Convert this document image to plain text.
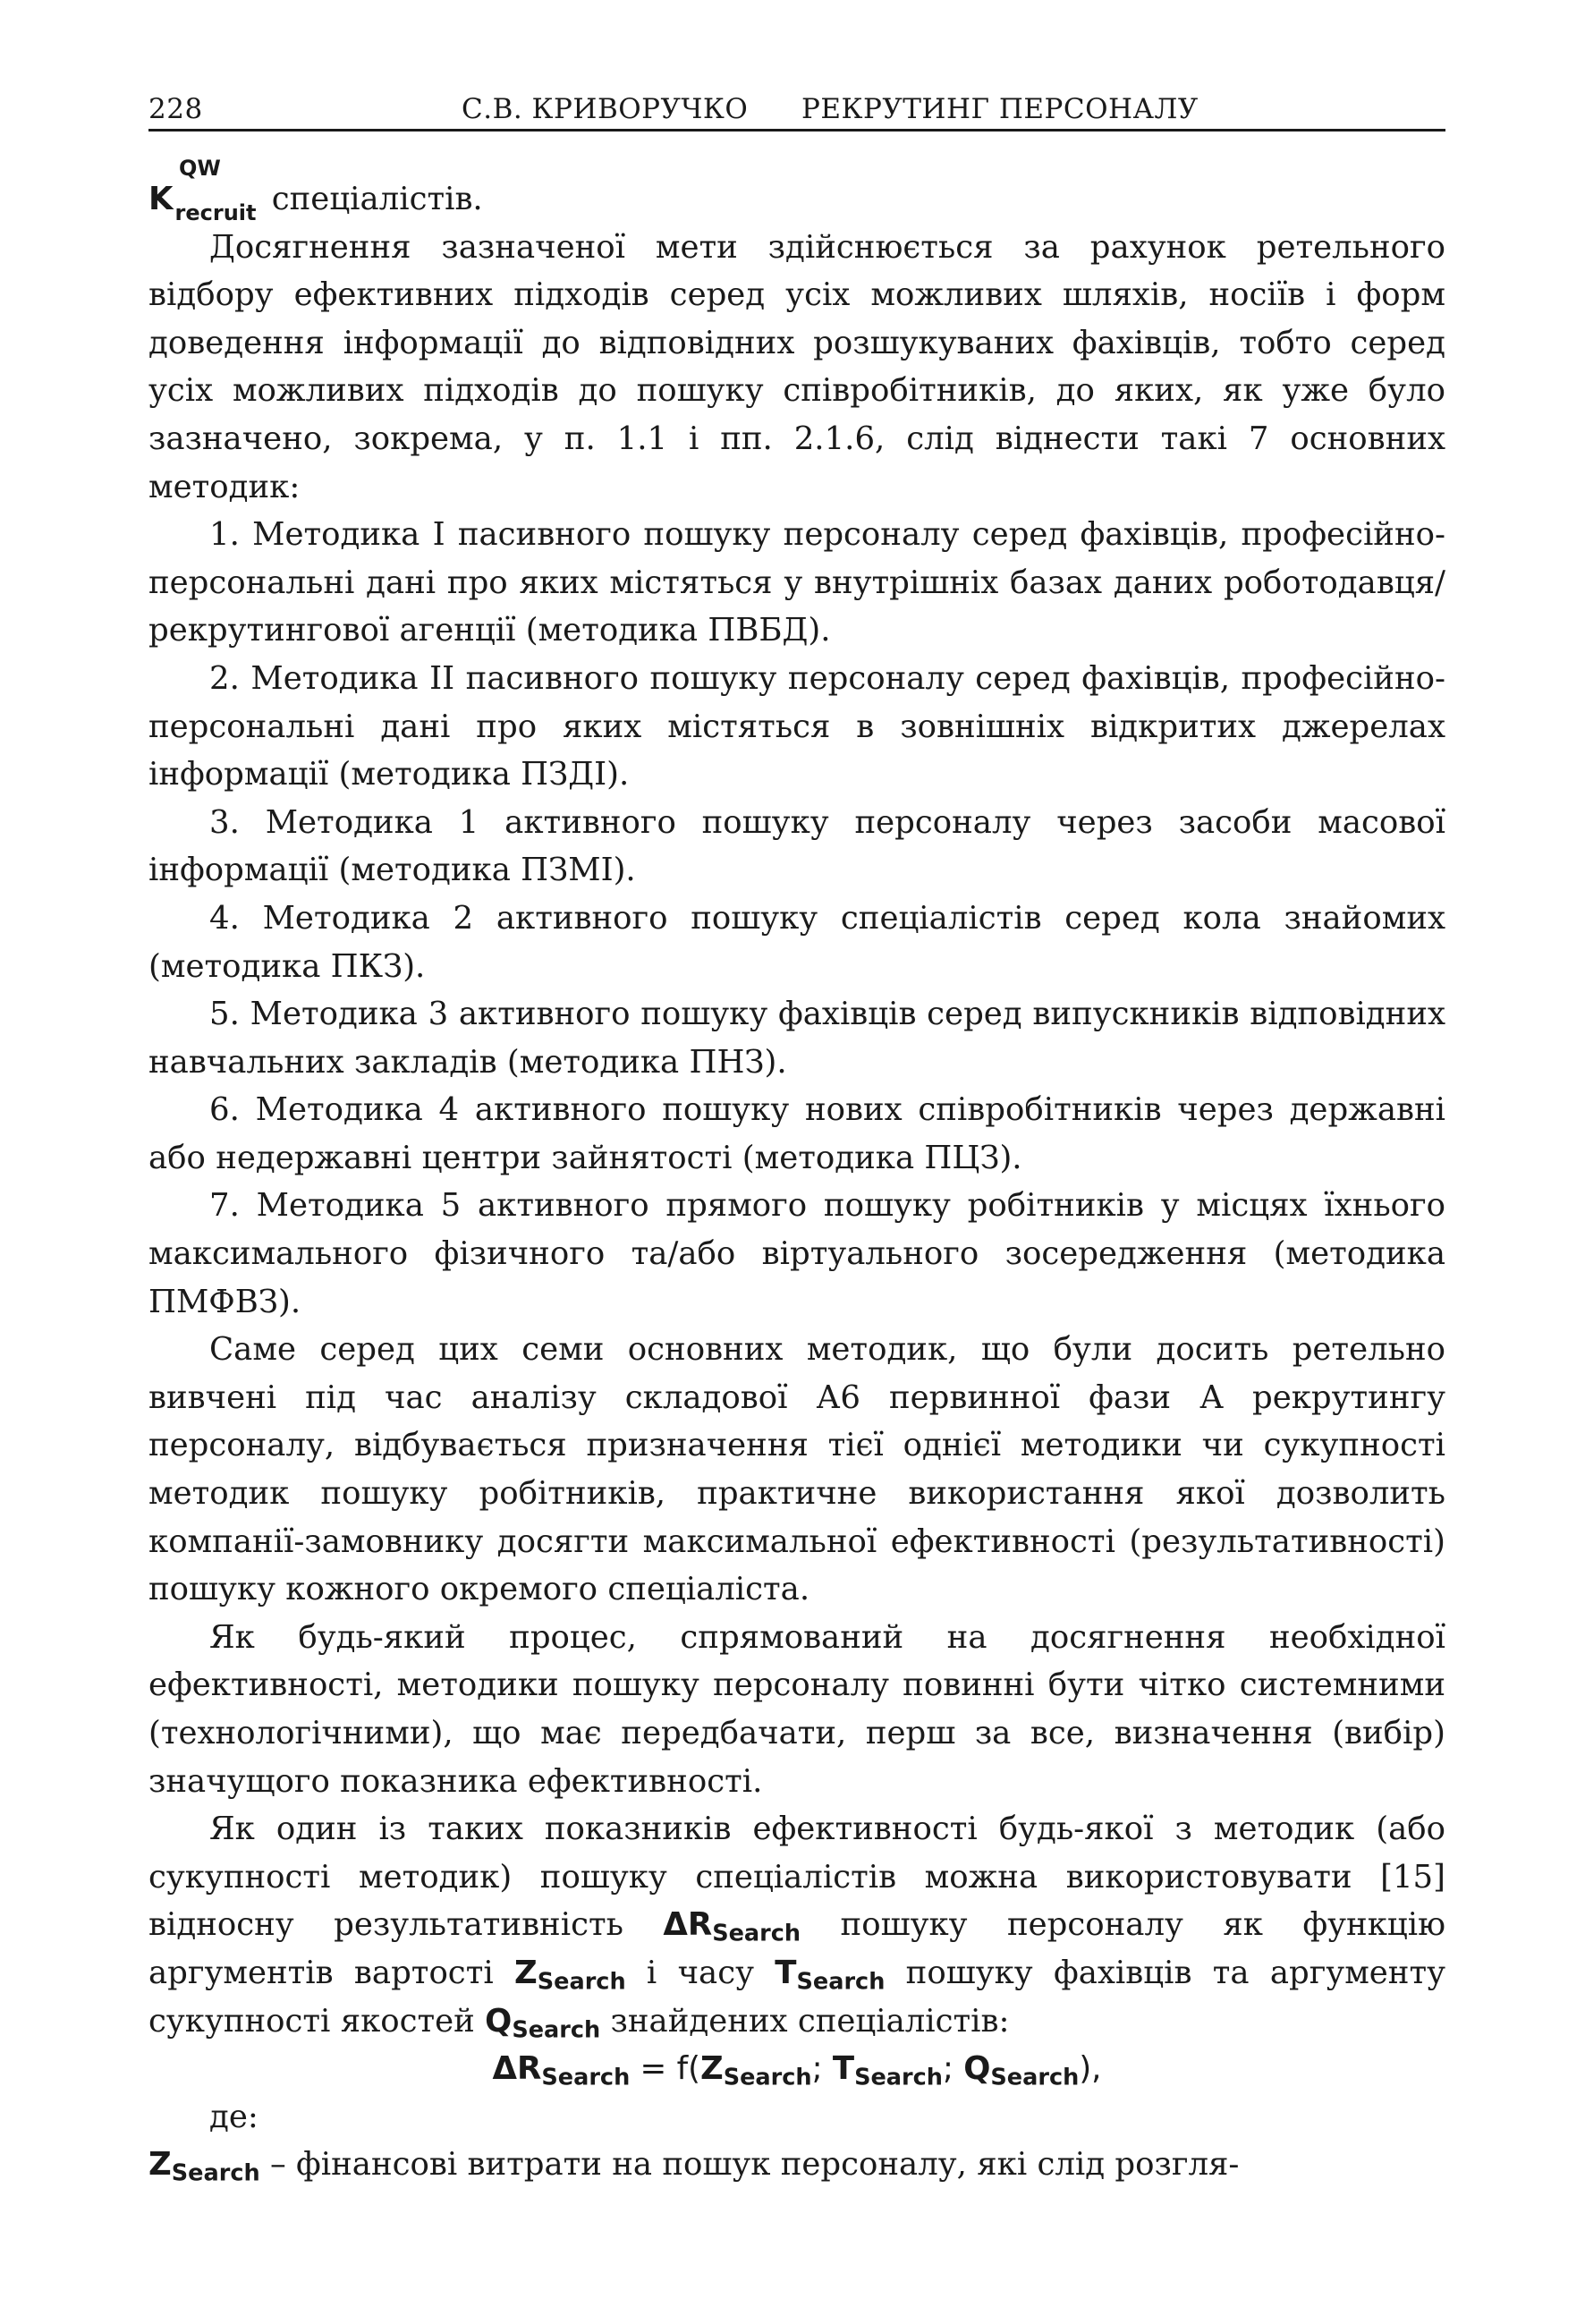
228	С.В. КРИВОРУЧКО РЕКРУТИНГ ПЕРСОНАЛУ

K
QW
$_{recruit}$ спеціалістів.

Досягнення зазначеної мети здійснюється за рахунок ретельного відбору ефективних підходів серед усіх можливих шляхів, носіїв і форм доведення інформації до відповідних розшукуваних фахівців, тобто серед усіх можливих підходів до пошуку співробітників, до яких, як уже було зазначено, зокрема, у п. 1.1 і пп. 2.1.6, слід віднести такі 7 основних методик:

1. Методика I пасивного пошуку персоналу серед фахівців, професійно-персональні дані про яких містяться у внутрішніх базах даних роботодавця/рекрутингової агенції (методика ПВБД).

2. Методика II пасивного пошуку персоналу серед фахівців, професійно-персональні дані про яких містяться в зовнішніх відкритих джерелах інформації (методика ПЗДІ).

3. Методика 1 активного пошуку персоналу через засоби масової інформації (методика ПЗМІ).

4. Методика 2 активного пошуку спеціалістів серед кола знайомих (методика ПКЗ).

5. Методика 3 активного пошуку фахівців серед випускників відповідних навчальних закладів (методика ПНЗ).

6. Методика 4 активного пошуку нових співробітників через державні або недержавні центри зайнятості (методика ПЦЗ).

7. Методика 5 активного прямого пошуку робітників у місцях їхнього максимального фізичного та/або віртуального зосередження (методика ПМФВЗ).

Саме серед цих семи основних методик, що були досить ретельно вивчені під час аналізу складової А6 первинної фази А рекрутингу персоналу, відбувається призначення тієї однієї методики чи сукупності методик пошуку робітників, практичне використання якої дозволить компанії-замовнику досягти максимальної ефективності (результативності) пошуку кожного окремого спеціаліста.

Як будь-який процес, спрямований на досягнення необхідної ефективності, методики пошуку персоналу повинні бути чітко системними (технологічними), що має передбачати, перш за все, визначення (вибір) значущого показника ефективності.

Як один із таких показників ефективності будь-якої з методик (або сукупності методик) пошуку спеціалістів можна використовувати [15] відносну результативність $\Delta R_{Search}$ пошуку персоналу як функцію аргументів вартості $Z_{Search}$ і часу $T_{Search}$ пошуку фахівців та аргументу сукупності якостей $Q_{Search}$ знайдених спеціалістів:

$\Delta R_{Search} = f(Z_{Search}$; $T_{Search}$; $Q_{Search}$),

де:

$Z_{Search}$ – фінансові витрати на пошук персоналу, які слід розгля-
